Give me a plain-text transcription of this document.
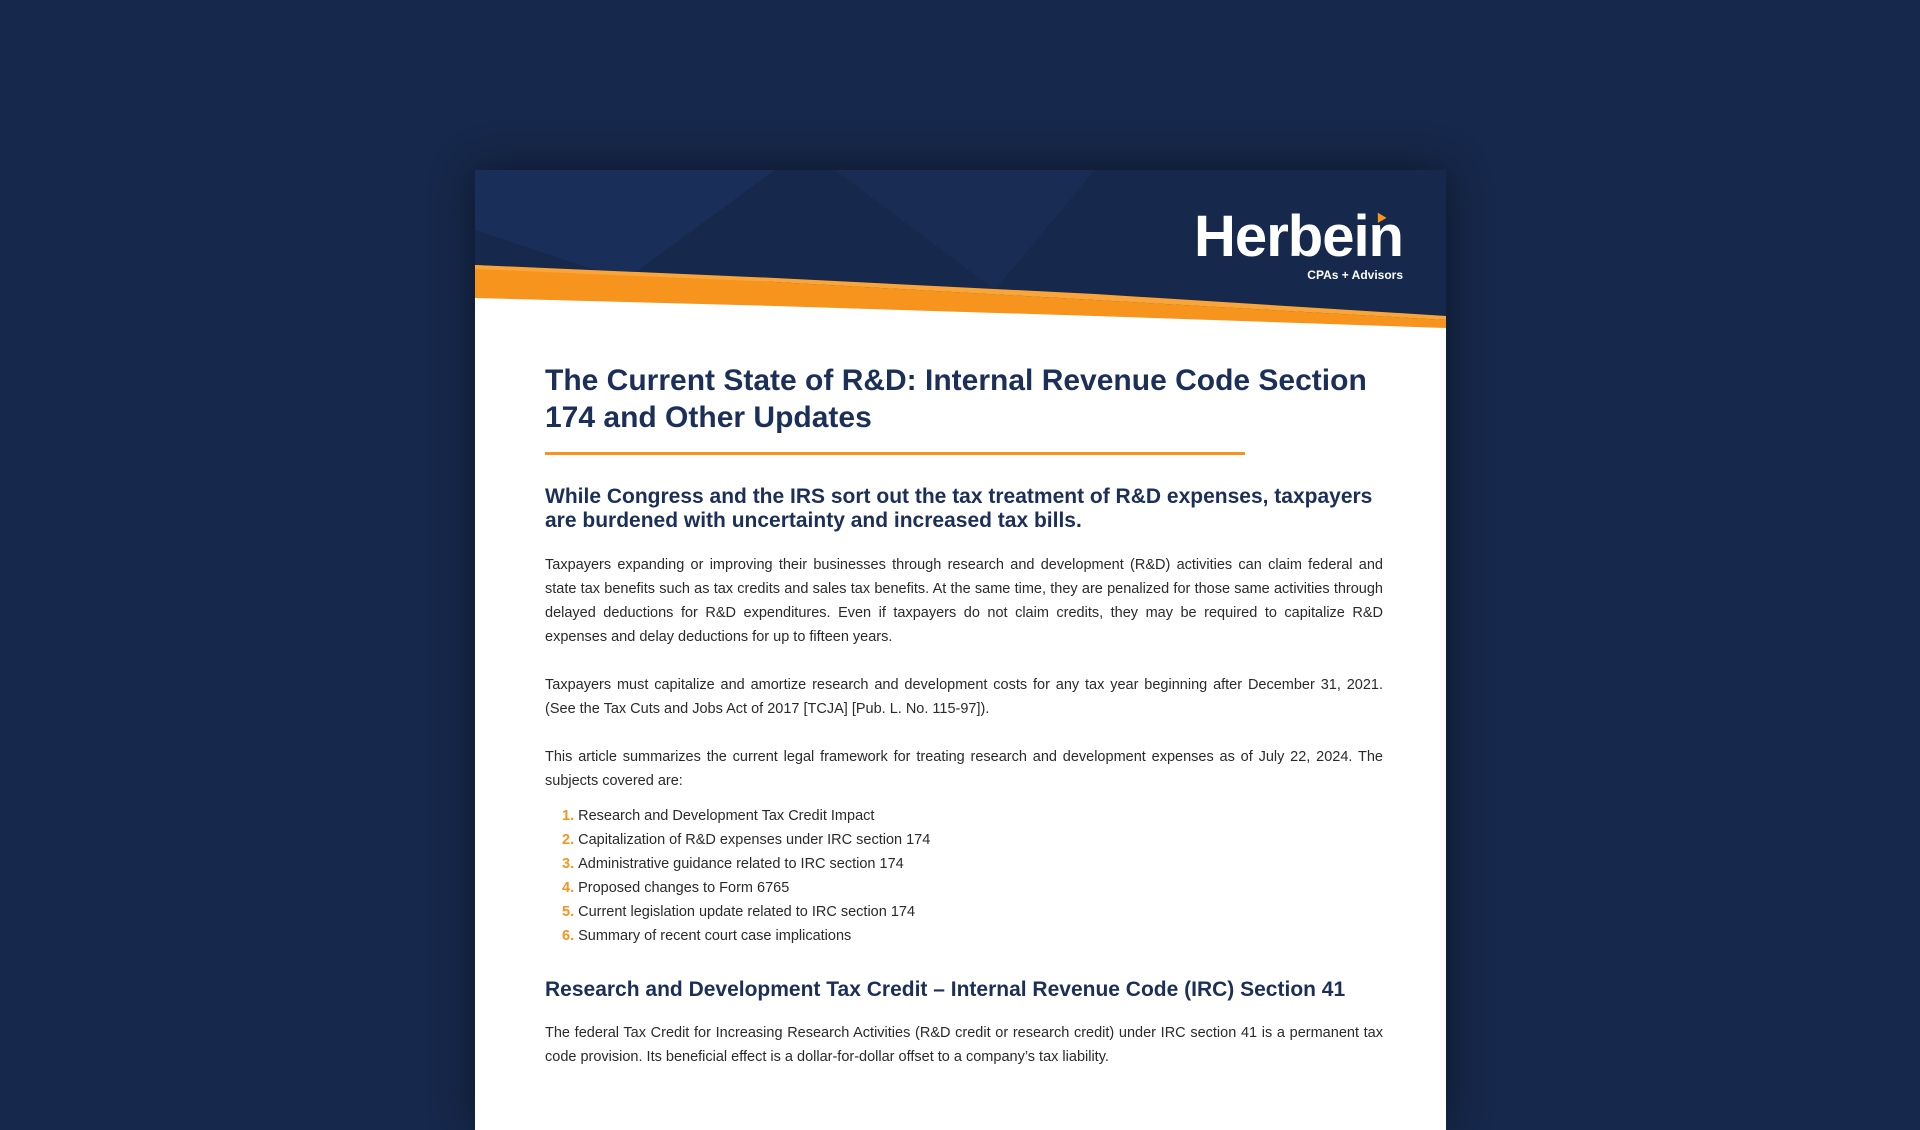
Herbein
CPAs + Advisors
The Current State of R&D: Internal Revenue Code Section 174 and Other Updates
While Congress and the IRS sort out the tax treatment of R&D expenses, taxpayers are burdened with uncertainty and increased tax bills.

Taxpayers expanding or improving their businesses through research and development (R&D) activities can claim federal and state tax benefits such as tax credits and sales tax benefits. At the same time, they are penalized for those same activities through delayed deductions for R&D expenditures. Even if taxpayers do not claim credits, they may be required to capitalize R&D expenses and delay deductions for up to fifteen years.

Taxpayers must capitalize and amortize research and development costs for any tax year beginning after December 31, 2021. (See the Tax Cuts and Jobs Act of 2017 [TCJA] [Pub. L. No. 115-97]).

This article summarizes the current legal framework for treating research and development expenses as of July 22, 2024. The subjects covered are:

1. Research and Development Tax Credit Impact
2. Capitalization of R&D expenses under IRC section 174
3. Administrative guidance related to IRC section 174
4. Proposed changes to Form 6765
5. Current legislation update related to IRC section 174
6. Summary of recent court case implications
Research and Development Tax Credit – Internal Revenue Code (IRC) Section 41

The federal Tax Credit for Increasing Research Activities (R&D credit or research credit) under IRC section 41 is a permanent tax code provision. Its beneficial effect is a dollar-for-dollar offset to a company’s tax liability.
